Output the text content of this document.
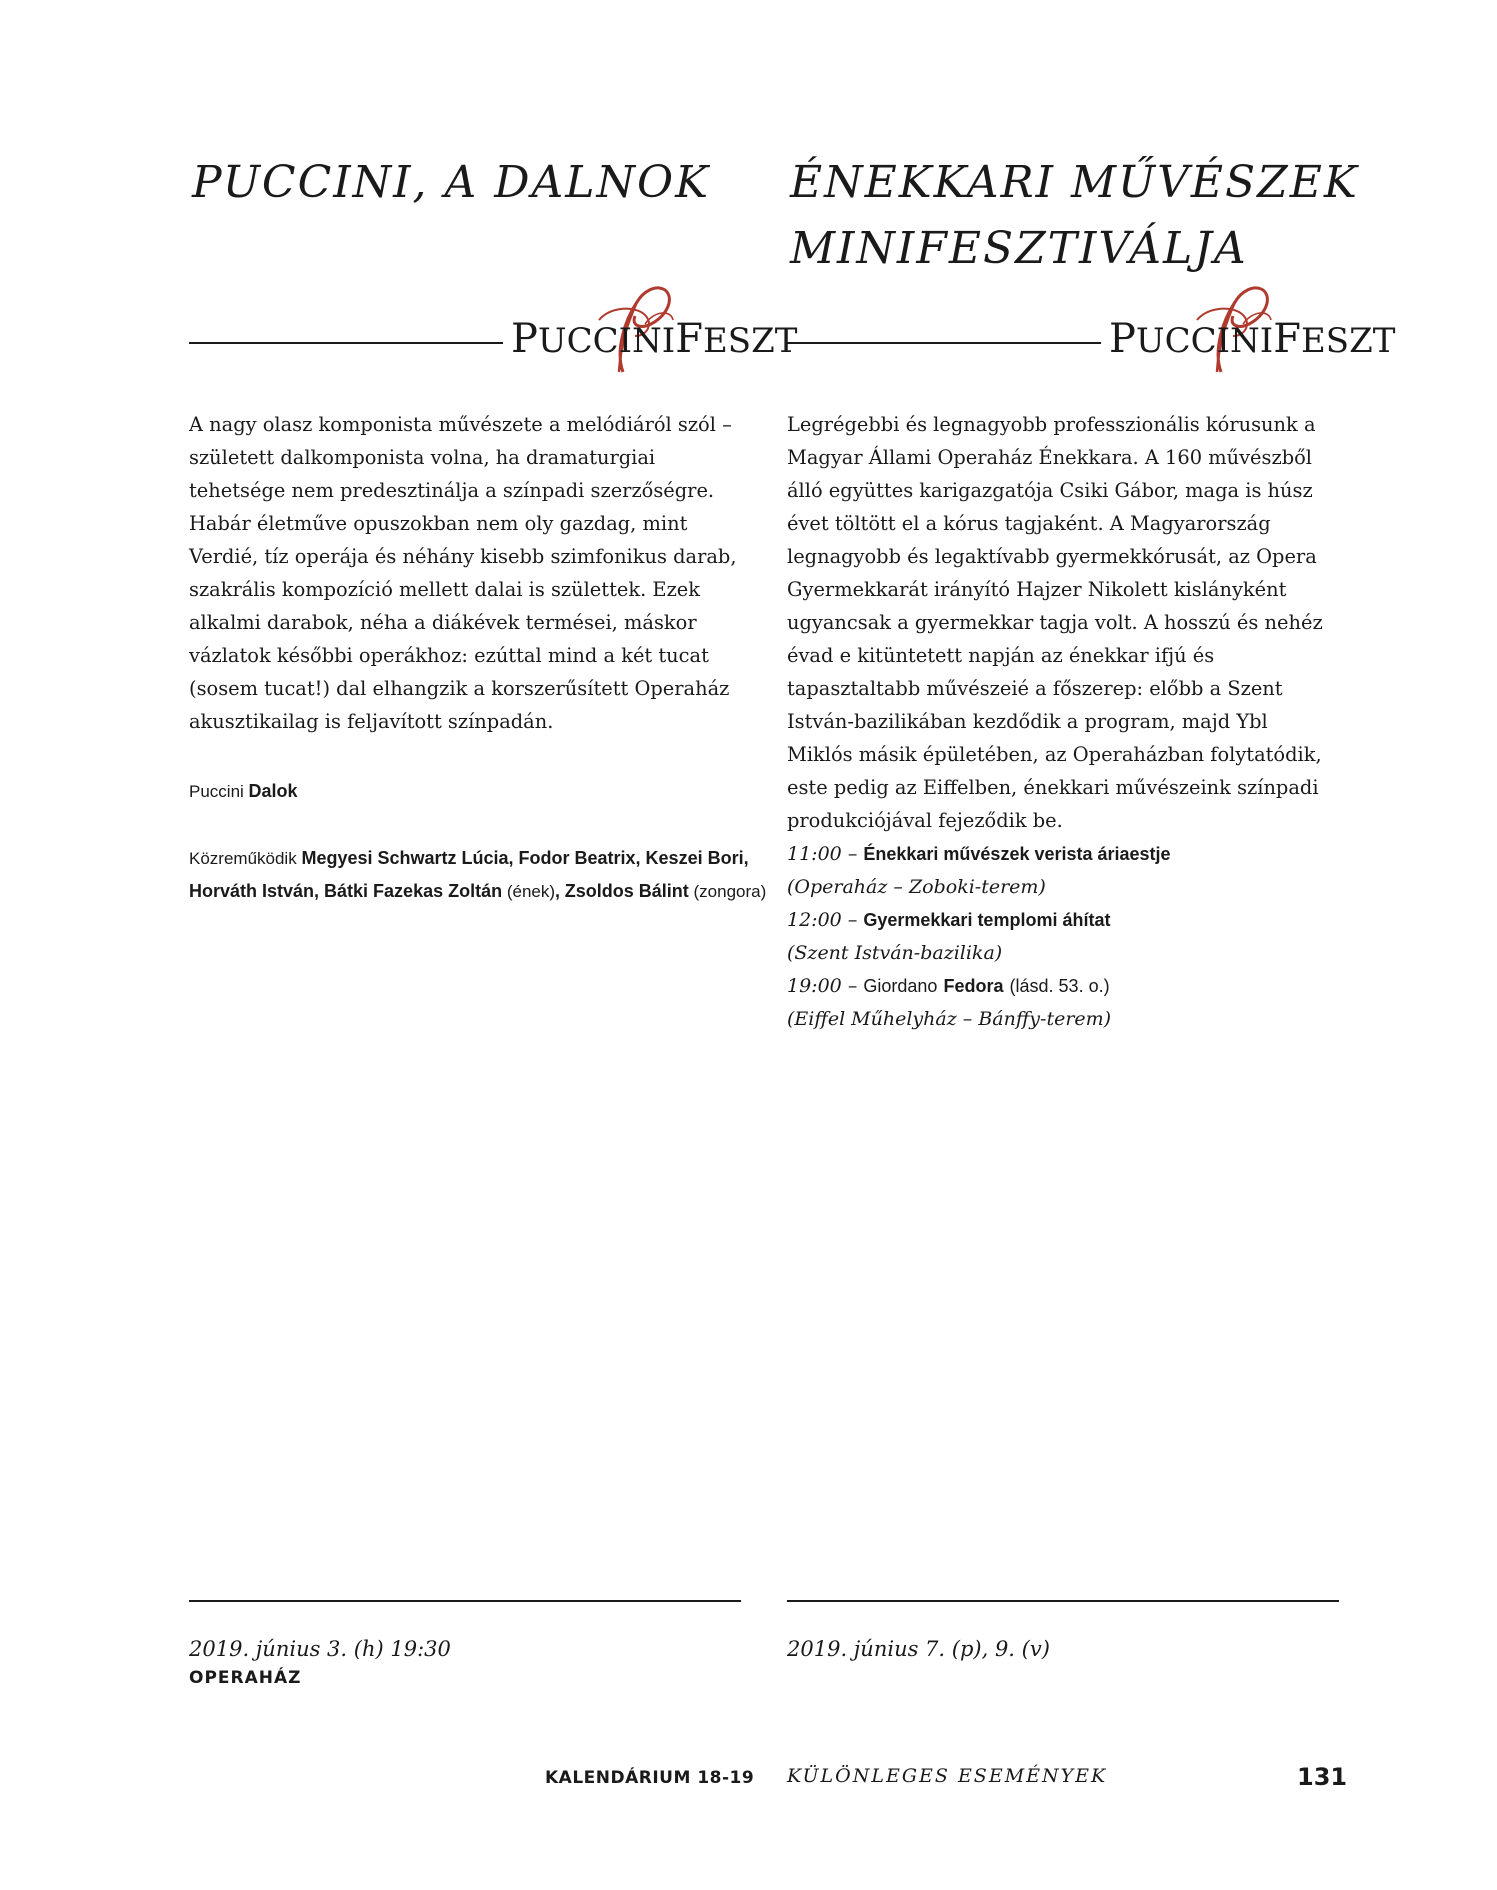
PUCCINI, A DALNOK
PUCCINIFESZT

A nagy olasz komponista művészete a melódiáról szól – született dalkomponista volna, ha dramaturgiai tehetsége nem predesztinálja a színpadi szerzőségre. Habár életműve opuszokban nem oly gazdag, mint Verdié, tíz operája és néhány kisebb szimfonikus darab, szakrális kompozíció mellett dalai is születtek. Ezek alkalmi darabok, néha a diákévek termései, máskor vázlatok későbbi operákhoz: ezúttal mind a két tucat (sosem tucat!) dal elhangzik a korszerűsített Operaház akusztikailag is feljavított színpadán.

Puccini Dalok
Közreműködik Megyesi Schwartz Lúcia, Fodor Beatrix, Keszei Bori,
Horváth István, Bátki Fazekas Zoltán (ének), Zsoldos Bálint (zongora)
2019. június 3. (h) 19:30
OPERAHÁZ
ÉNEKKARI MŰVÉSZEK
MINIFESZTIVÁLJA
PUCCINIFESZT

Legrégebbi és legnagyobb professzionális kórusunk a Magyar Állami Operaház Énekkara. A 160 művészből álló együttes karigazgatója Csiki Gábor, maga is húsz évet töltött el a kórus tagjaként. A Magyarország legnagyobb és legaktívabb gyermekkórusát, az Opera Gyermekkarát irányító Hajzer Nikolett kislányként ugyancsak a gyermekkar tagja volt. A hosszú és nehéz évad e kitüntetett napján az énekkar ifjú és tapasztaltabb művészeié a főszerep: előbb a Szent István-bazilikában kezdődik a program, majd Ybl Miklós másik épületében, az Operaházban folytatódik, este pedig az Eiffelben, énekkari művészeink színpadi produkciójával fejeződik be.

11:00 – Énekkari művészek verista áriaestje
(Operaház – Zoboki-terem)
12:00 – Gyermekkari templomi áhítat
(Szent István-bazilika)
19:00 – Giordano Fedora (lásd. 53. o.)
(Eiffel Műhelyház – Bánffy-terem)
2019. június 7. (p), 9. (v)
KALENDÁRIUM 18-19 KÜLÖNLEGES ESEMÉNYEK	131
